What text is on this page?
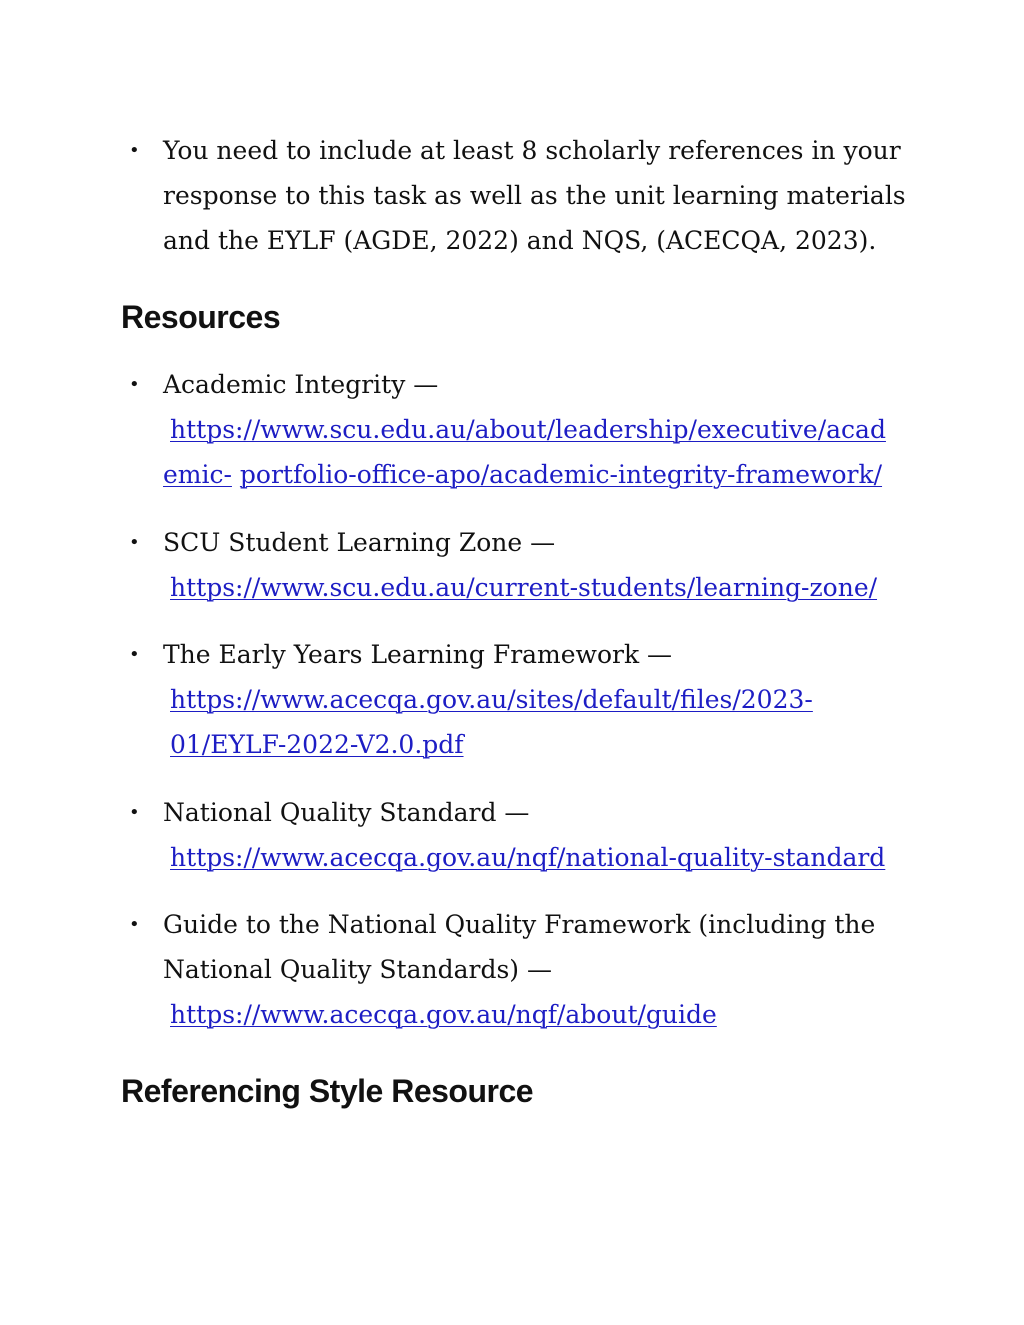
• You need to include at least 8 scholarly references in your
response to this task as well as the unit learning materials
and the EYLF (AGDE, 2022) and NQS, (ACECQA, 2023).
Resources
• Academic Integrity —
https://www.scu.edu.au/about/leadership/executive/acad
emic- portfolio-office-apo/academic-integrity-framework/
• SCU Student Learning Zone —
https://www.scu.edu.au/current-students/learning-zone/
• The Early Years Learning Framework —
https://www.acecqa.gov.au/sites/default/files/2023-
01/EYLF-2022-V2.0.pdf
• National Quality Standard —
https://www.acecqa.gov.au/nqf/national-quality-standard
• Guide to the National Quality Framework (including the
National Quality Standards) —
https://www.acecqa.gov.au/nqf/about/guide
Referencing Style Resource
